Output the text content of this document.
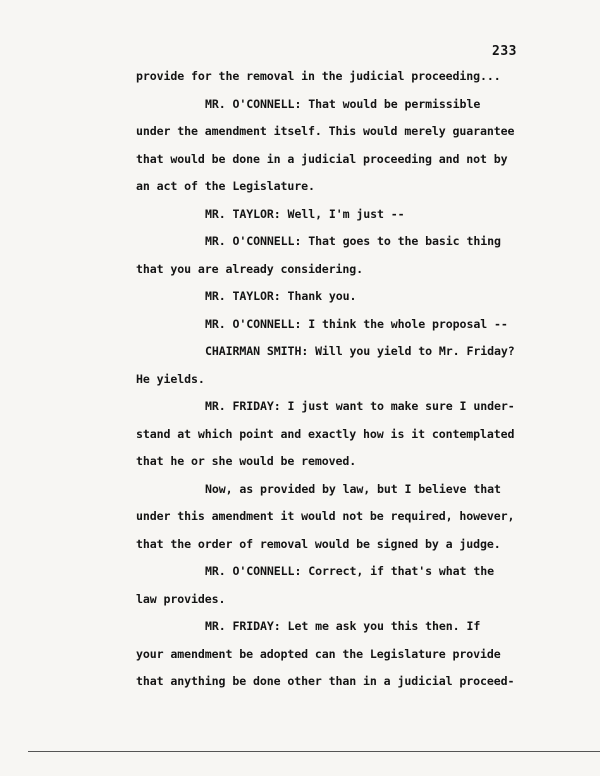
233
provide for the removal in the judicial proceeding...
MR. O'CONNELL: That would be permissible
under the amendment itself. This would merely guarantee
that would be done in a judicial proceeding and not by
an act of the Legislature.
MR. TAYLOR: Well, I'm just --
MR. O'CONNELL: That goes to the basic thing
that you are already considering.
MR. TAYLOR: Thank you.
MR. O'CONNELL: I think the whole proposal --
CHAIRMAN SMITH: Will you yield to Mr. Friday?
He yields.
MR. FRIDAY: I just want to make sure I under-
stand at which point and exactly how is it contemplated
that he or she would be removed.
Now, as provided by law, but I believe that
under this amendment it would not be required, however,
that the order of removal would be signed by a judge.
MR. O'CONNELL: Correct, if that's what the
law provides.
MR. FRIDAY: Let me ask you this then. If
your amendment be adopted can the Legislature provide
that anything be done other than in a judicial proceed-
